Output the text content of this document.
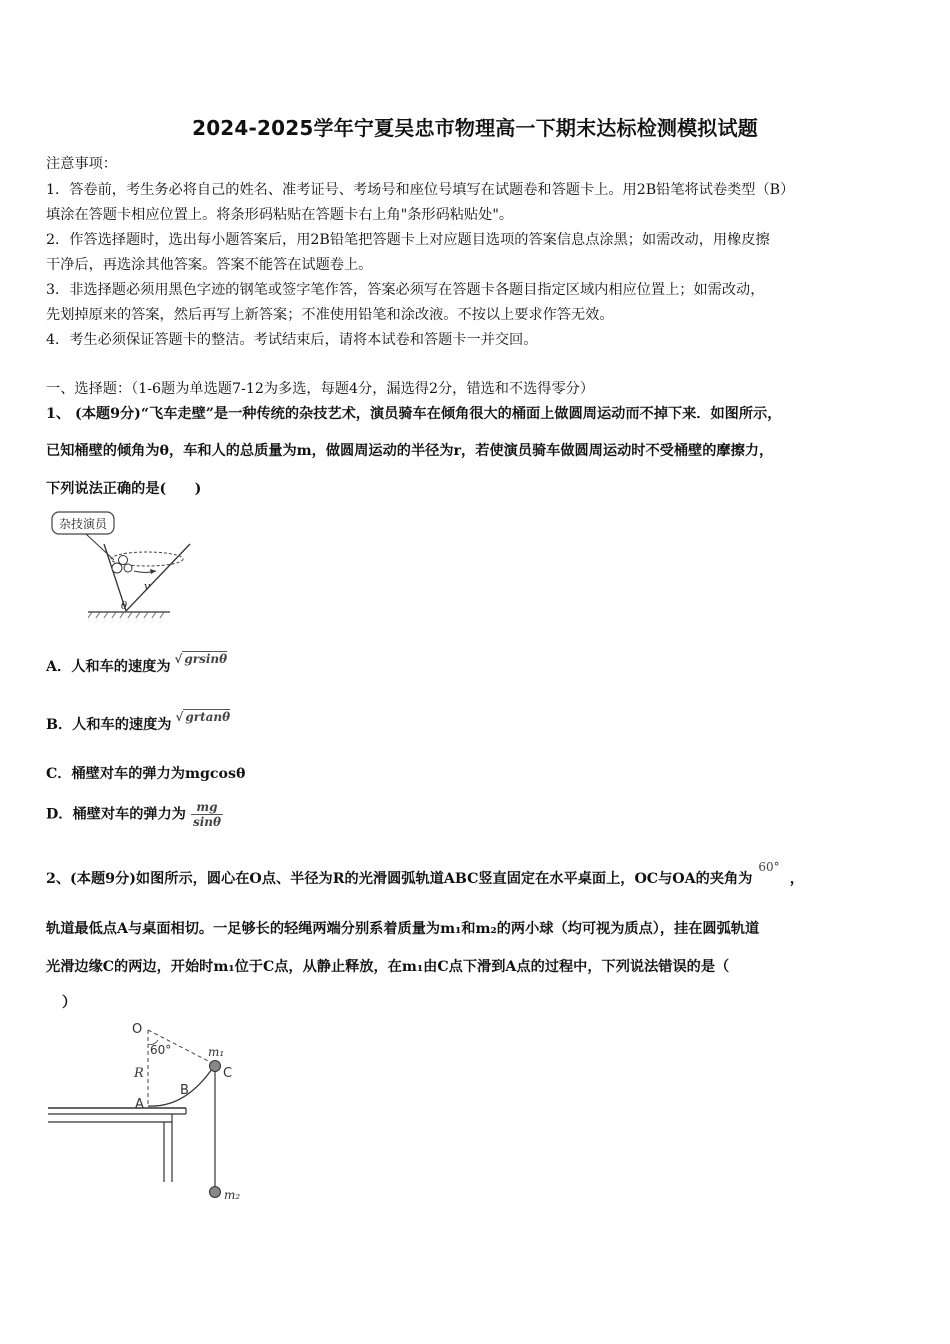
2024-2025学年宁夏吴忠市物理高一下期末达标检测模拟试题
注意事项：
1．答卷前，考生务必将自己的姓名、准考证号、考场号和座位号填写在试题卷和答题卡上。用2B铅笔将试卷类型（B）
填涂在答题卡相应位置上。将条形码粘贴在答题卡右上角"条形码粘贴处"。
2．作答选择题时，选出每小题答案后，用2B铅笔把答题卡上对应题目选项的答案信息点涂黑；如需改动，用橡皮擦
干净后，再选涂其他答案。答案不能答在试题卷上。
3．非选择题必须用黑色字迹的钢笔或签字笔作答，答案必须写在答题卡各题目指定区域内相应位置上；如需改动，
先划掉原来的答案，然后再写上新答案；不准使用铅笔和涂改液。不按以上要求作答无效。
4．考生必须保证答题卡的整洁。考试结束后，请将本试卷和答题卡一并交回。
一、选择题：（1-6题为单选题7-12为多选，每题4分，漏选得2分，错选和不选得零分）
1、 (本题9分)“飞车走壁”是一种传统的杂技艺术，演员骑车在倾角很大的桶面上做圆周运动而不掉下来．如图所示，
已知桶壁的倾角为θ，车和人的总质量为m，做圆周运动的半径为r，若使演员骑车做圆周运动时不受桶壁的摩擦力，
下列说法正确的是(　　)
杂技演员
v
θ
A．人和车的速度为 $^{√ grsin\theta}$
B．人和车的速度为 $^{√ grtan\theta}$
C．桶壁对车的弹力为mgcosθ
D．桶壁对车的弹力为 $\frac{mg}{\sin\theta}$
2、(本题9分)如图所示，圆心在O点、半径为R的光滑圆弧轨道ABC竖直固定在水平桌面上，OC与OA的夹角为$^{60^\circ}$，
轨道最低点A与桌面相切。一足够长的轻绳两端分别系着质量为m₁和m₂的两小球（均可视为质点），挂在圆弧轨道
光滑边缘C的两边，开始时m₁位于C点，从静止释放，在m₁由C点下滑到A点的过程中，下列说法错误的是（
）
O
60°	m₁
R
B
A
C
m₂
